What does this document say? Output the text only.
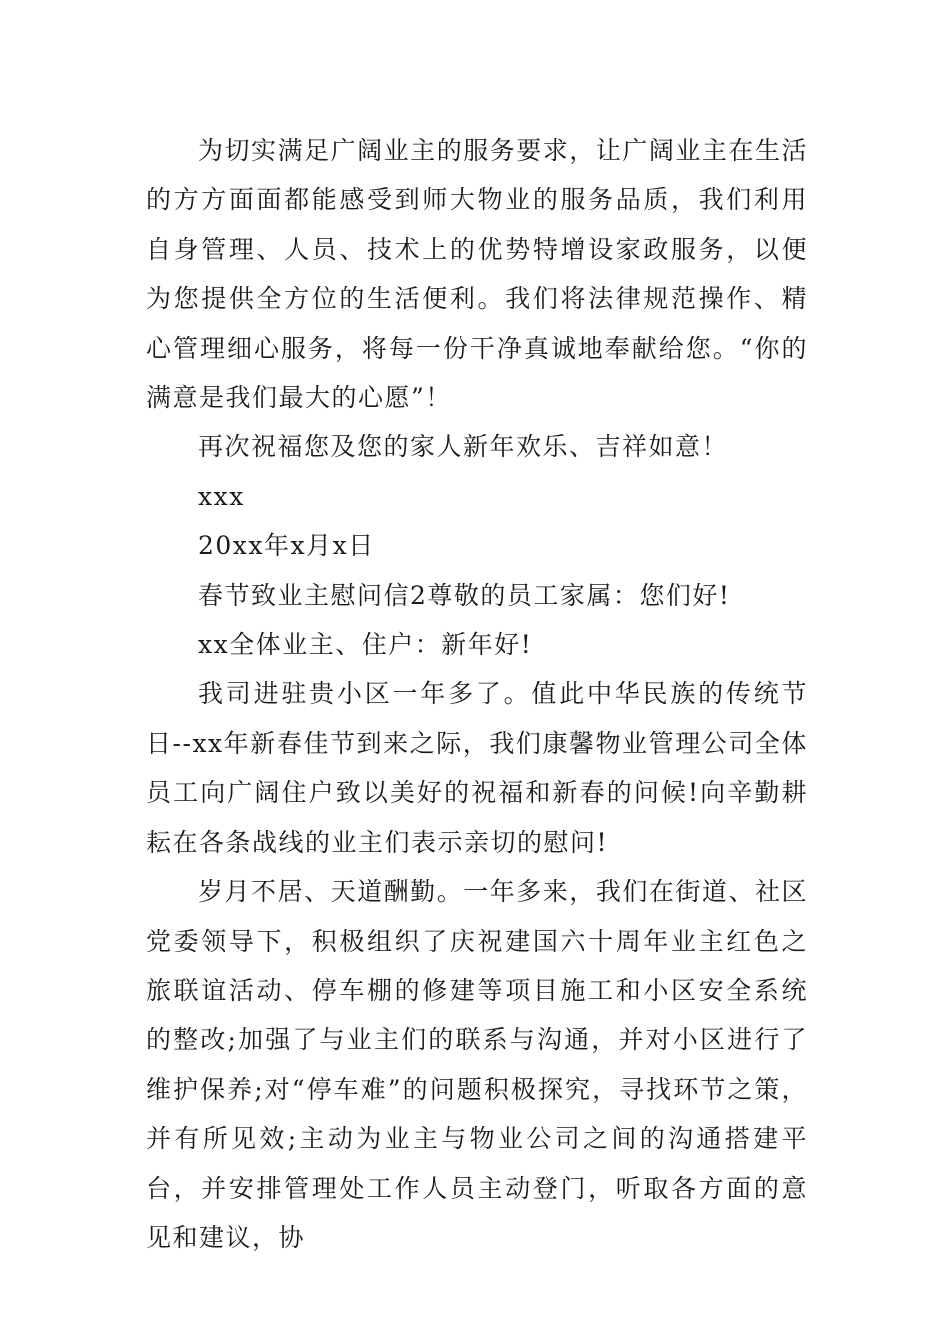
为切实满足广阔业主的服务要求，让广阔业主在生活的方方面面都能感受到师大物业的服务品质，我们利用自身管理、人员、技术上的优势特增设家政服务，以便为您提供全方位的生活便利。我们将法律规范操作、精心管理细心服务，将每一份干净真诚地奉献给您。“你的满意是我们最大的心愿”！

再次祝福您及您的家人新年欢乐、吉祥如意！

xxx

20xx年x月x日

春节致业主慰问信2尊敬的员工家属：您们好!

xx全体业主、住户：新年好!

我司进驻贵小区一年多了。值此中华民族的传统节日--xx年新春佳节到来之际，我们康馨物业管理公司全体员工向广阔住户致以美好的祝福和新春的问候!向辛勤耕耘在各条战线的业主们表示亲切的慰问!

岁月不居、天道酬勤。一年多来，我们在街道、社区党委领导下，积极组织了庆祝建国六十周年业主红色之旅联谊活动、停车棚的修建等项目施工和小区安全系统的整改;加强了与业主们的联系与沟通，并对小区进行了维护保养;对“停车难”的问题积极探究，寻找环节之策，并有所见效;主动为业主与物业公司之间的沟通搭建平台，并安排管理处工作人员主动登门，听取各方面的意见和建议，协
